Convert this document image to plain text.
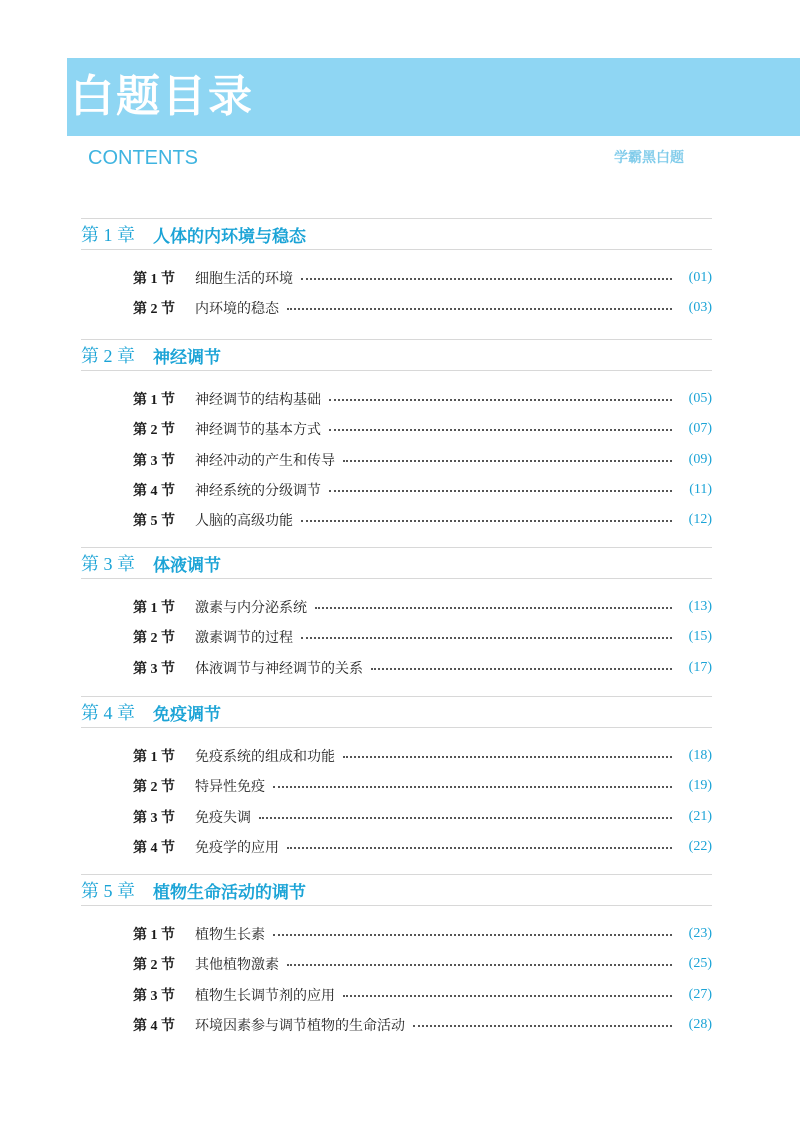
白题目录
CONTENTS	学霸黑白题
第 1 章 人体的内环境与稳态
第 1 节	细胞生活的环境	(01)
第 2 节	内环境的稳态	(03)
第 2 章 神经调节
第 1 节	神经调节的结构基础	(05)
第 2 节	神经调节的基本方式	(07)
第 3 节	神经冲动的产生和传导	(09)
第 4 节	神经系统的分级调节	(11)
第 5 节	人脑的高级功能	(12)
第 3 章 体液调节
第 1 节	激素与内分泌系统	(13)
第 2 节	激素调节的过程	(15)
第 3 节	体液调节与神经调节的关系	(17)
第 4 章 免疫调节
第 1 节	免疫系统的组成和功能	(18)
第 2 节	特异性免疫	(19)
第 3 节	免疫失调	(21)
第 4 节	免疫学的应用	(22)
第 5 章 植物生命活动的调节
第 1 节	植物生长素	(23)
第 2 节	其他植物激素	(25)
第 3 节	植物生长调节剂的应用	(27)
第 4 节	环境因素参与调节植物的生命活动	(28)
